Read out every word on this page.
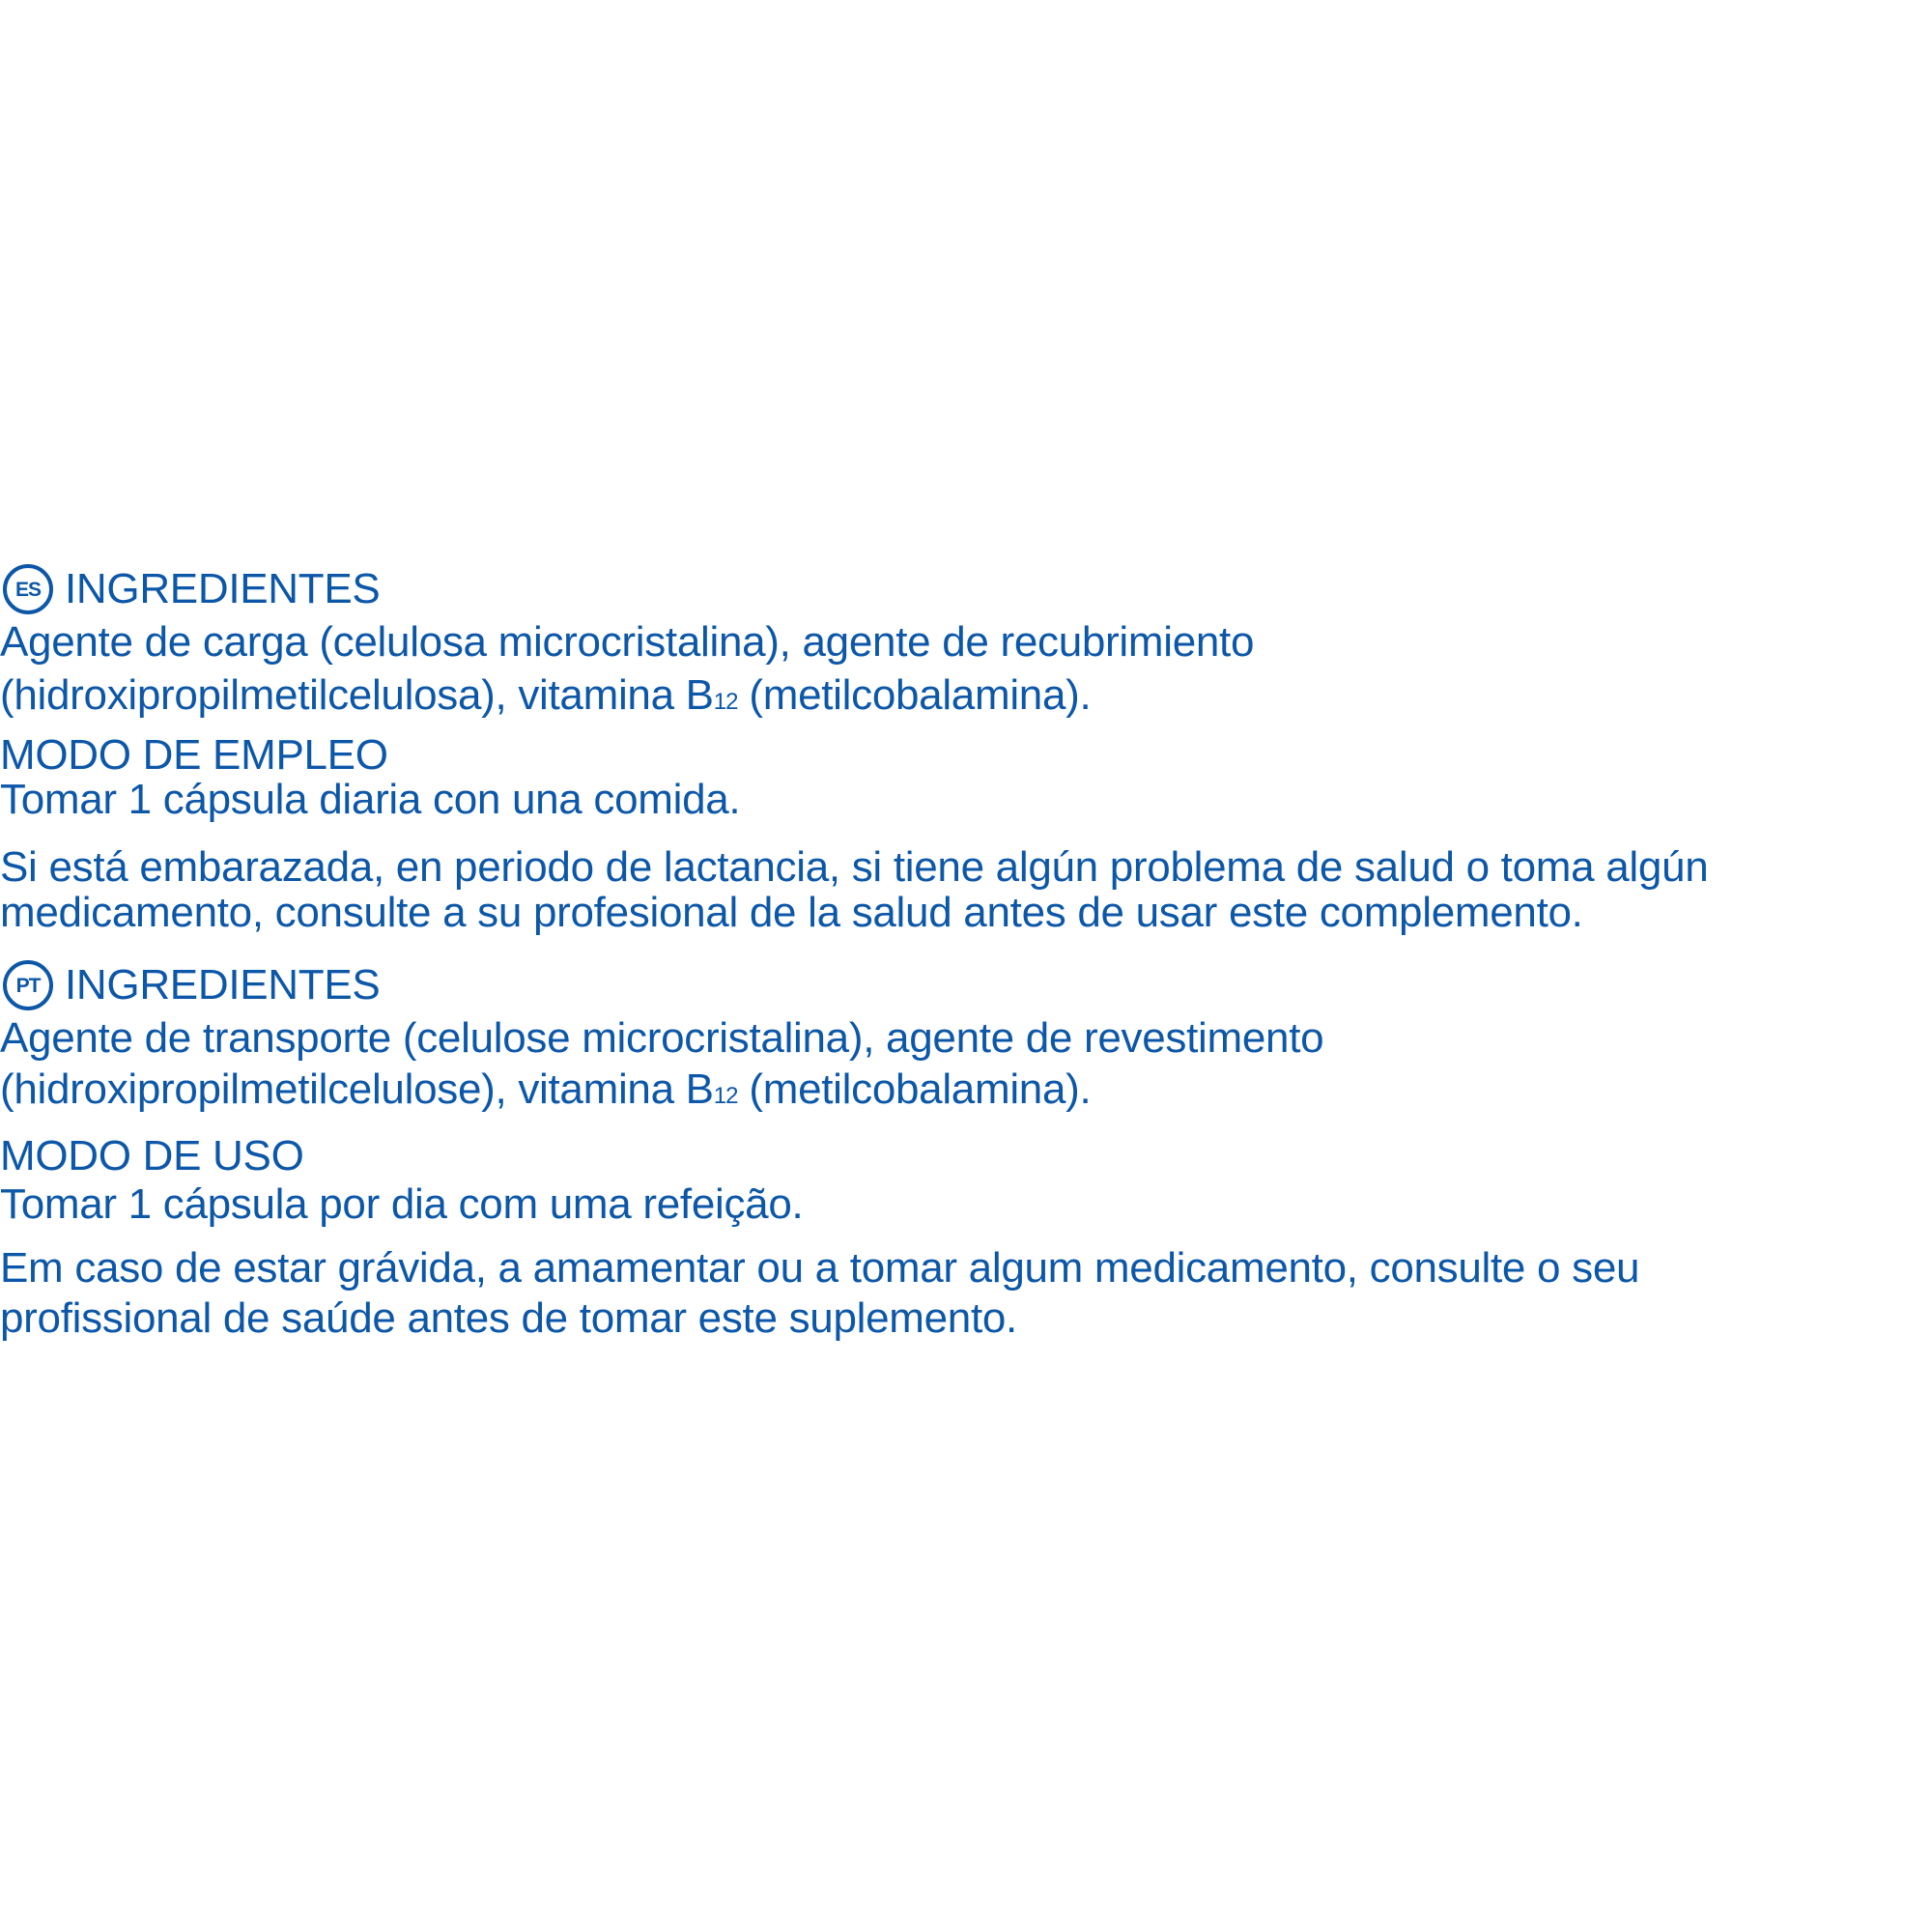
ES INGREDIENTES
Agente de carga (celulosa microcristalina), agente de recubrimiento
(hidroxipropilmetilcelulosa), vitamina B12 (metilcobalamina).
MODO DE EMPLEO
Tomar 1 cápsula diaria con una comida.
Si está embarazada, en periodo de lactancia, si tiene algún problema de salud o toma algún
medicamento, consulte a su profesional de la salud antes de usar este complemento.
PT INGREDIENTES
Agente de transporte (celulose microcristalina), agente de revestimento
(hidroxipropilmetilcelulose), vitamina B12 (metilcobalamina).
MODO DE USO
Tomar 1 cápsula por dia com uma refeição.
Em caso de estar grávida, a amamentar ou a tomar algum medicamento, consulte o seu
profissional de saúde antes de tomar este suplemento.
